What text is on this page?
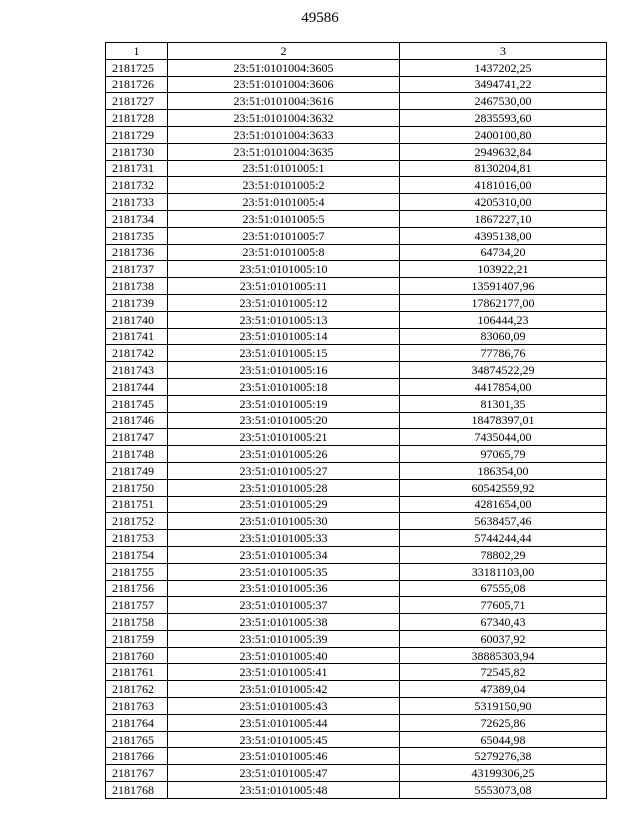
49586
1	2	3
2181725	23:51:0101004:3605	1437202,25
2181726	23:51:0101004:3606	3494741,22
2181727	23:51:0101004:3616	2467530,00
2181728	23:51:0101004:3632	2835593,60
2181729	23:51:0101004:3633	2400100,80
2181730	23:51:0101004:3635	2949632,84
2181731	23:51:0101005:1	8130204,81
2181732	23:51:0101005:2	4181016,00
2181733	23:51:0101005:4	4205310,00
2181734	23:51:0101005:5	1867227,10
2181735	23:51:0101005:7	4395138,00
2181736	23:51:0101005:8	64734,20
2181737	23:51:0101005:10	103922,21
2181738	23:51:0101005:11	13591407,96
2181739	23:51:0101005:12	17862177,00
2181740	23:51:0101005:13	106444,23
2181741	23:51:0101005:14	83060,09
2181742	23:51:0101005:15	77786,76
2181743	23:51:0101005:16	34874522,29
2181744	23:51:0101005:18	4417854,00
2181745	23:51:0101005:19	81301,35
2181746	23:51:0101005:20	18478397,01
2181747	23:51:0101005:21	7435044,00
2181748	23:51:0101005:26	97065,79
2181749	23:51:0101005:27	186354,00
2181750	23:51:0101005:28	60542559,92
2181751	23:51:0101005:29	4281654,00
2181752	23:51:0101005:30	5638457,46
2181753	23:51:0101005:33	5744244,44
2181754	23:51:0101005:34	78802,29
2181755	23:51:0101005:35	33181103,00
2181756	23:51:0101005:36	67555,08
2181757	23:51:0101005:37	77605,71
2181758	23:51:0101005:38	67340,43
2181759	23:51:0101005:39	60037,92
2181760	23:51:0101005:40	38885303,94
2181761	23:51:0101005:41	72545,82
2181762	23:51:0101005:42	47389,04
2181763	23:51:0101005:43	5319150,90
2181764	23:51:0101005:44	72625,86
2181765	23:51:0101005:45	65044,98
2181766	23:51:0101005:46	5279276,38
2181767	23:51:0101005:47	43199306,25
2181768	23:51:0101005:48	5553073,08
